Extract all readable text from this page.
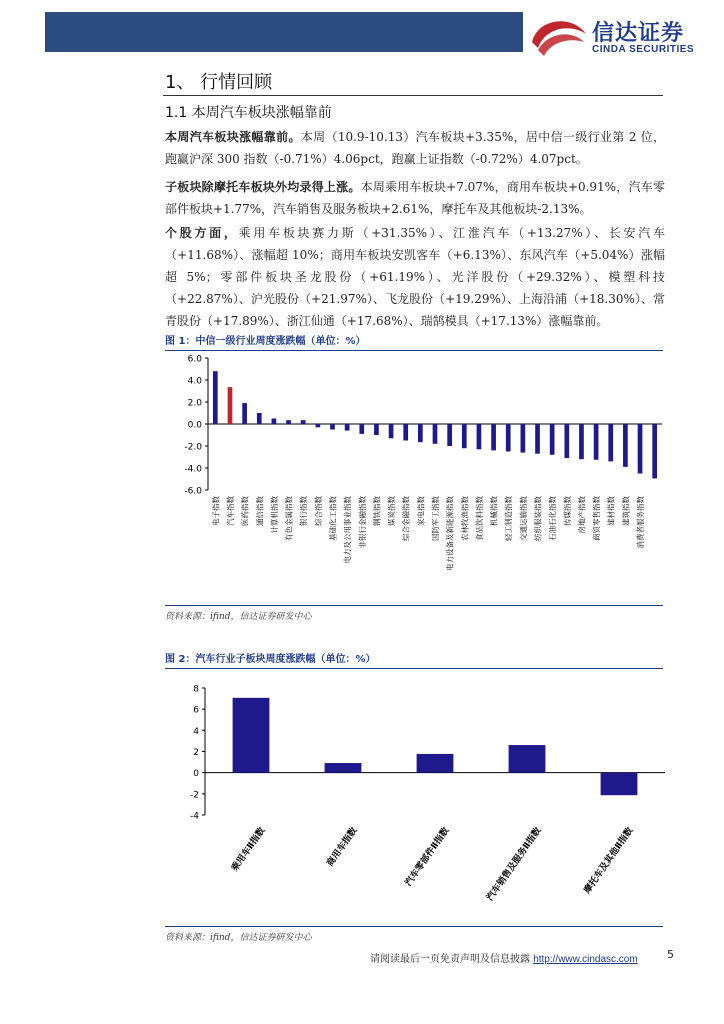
信达证券
CINDA SECURITIES
1、 行情回顾
1.1 本周汽车板块涨幅靠前
本周汽车板块涨幅靠前。本周（10.9-10.13）汽车板块+3.35%，居中信一级行业第 2 位，跑赢沪深 300 指数（-0.71%）4.06pct，跑赢上证指数（-0.72%）4.07pct。
子板块除摩托车板块外均录得上涨。本周乘用车板块+7.07%，商用车板块+0.91%，汽车零部件板块+1.77%，汽车销售及服务板块+2.61%，摩托车及其他板块-2.13%。
个股方面，乘用车板块赛力斯（+31.35%）、江淮汽车（+13.27%）、长安汽车（+11.68%）、涨幅超 10%；商用车板块安凯客车（+6.13%）、东风汽车（+5.04%）涨幅超 5%；零部件板块圣龙股份（+61.19%）、光洋股份（+29.32%）、模塑科技（+22.87%）、沪光股份（+21.97%）、飞龙股份（+19.29%）、上海沿浦（+18.30%）、常青股份（+17.89%）、浙江仙通（+17.68%）、瑞鹄模具（+17.13%）涨幅靠前。
图 1：中信一级行业周度涨跌幅（单位：%）
6.0
4.0
2.0
0.0
-2.0
-4.0
-6.0
电子指数 汽车指数 医药指数 通信指数 计算机指数 有色金属指数 银行指数 综合指数 基础化工指数 电力及公用事业指数 非银行金融指数 钢铁指数 煤炭指数 综合金融指数 家电指数 国防军工指数 电力设备及新能源指数 农林牧渔指数 食品饮料指数 机械指数 轻工制造指数 交通运输指数 纺织服装指数 石油石化指数 传媒指数 房地产指数 商贸零售指数 建材指数 建筑指数 消费者服务指数
资料来源：ifind，信达证券研发中心
图 2：汽车行业子板块周度涨跌幅（单位：%）
8
6
4
2
0
-2
-4
乘用车Ⅱ指数	商用车指数	汽车零部件Ⅱ指数	汽车销售及服务Ⅱ指数	摩托车及其他Ⅱ指数
资料来源：ifind，信达证券研发中心
请阅读最后一页免责声明及信息披露 http://www.cindasc.com	5
